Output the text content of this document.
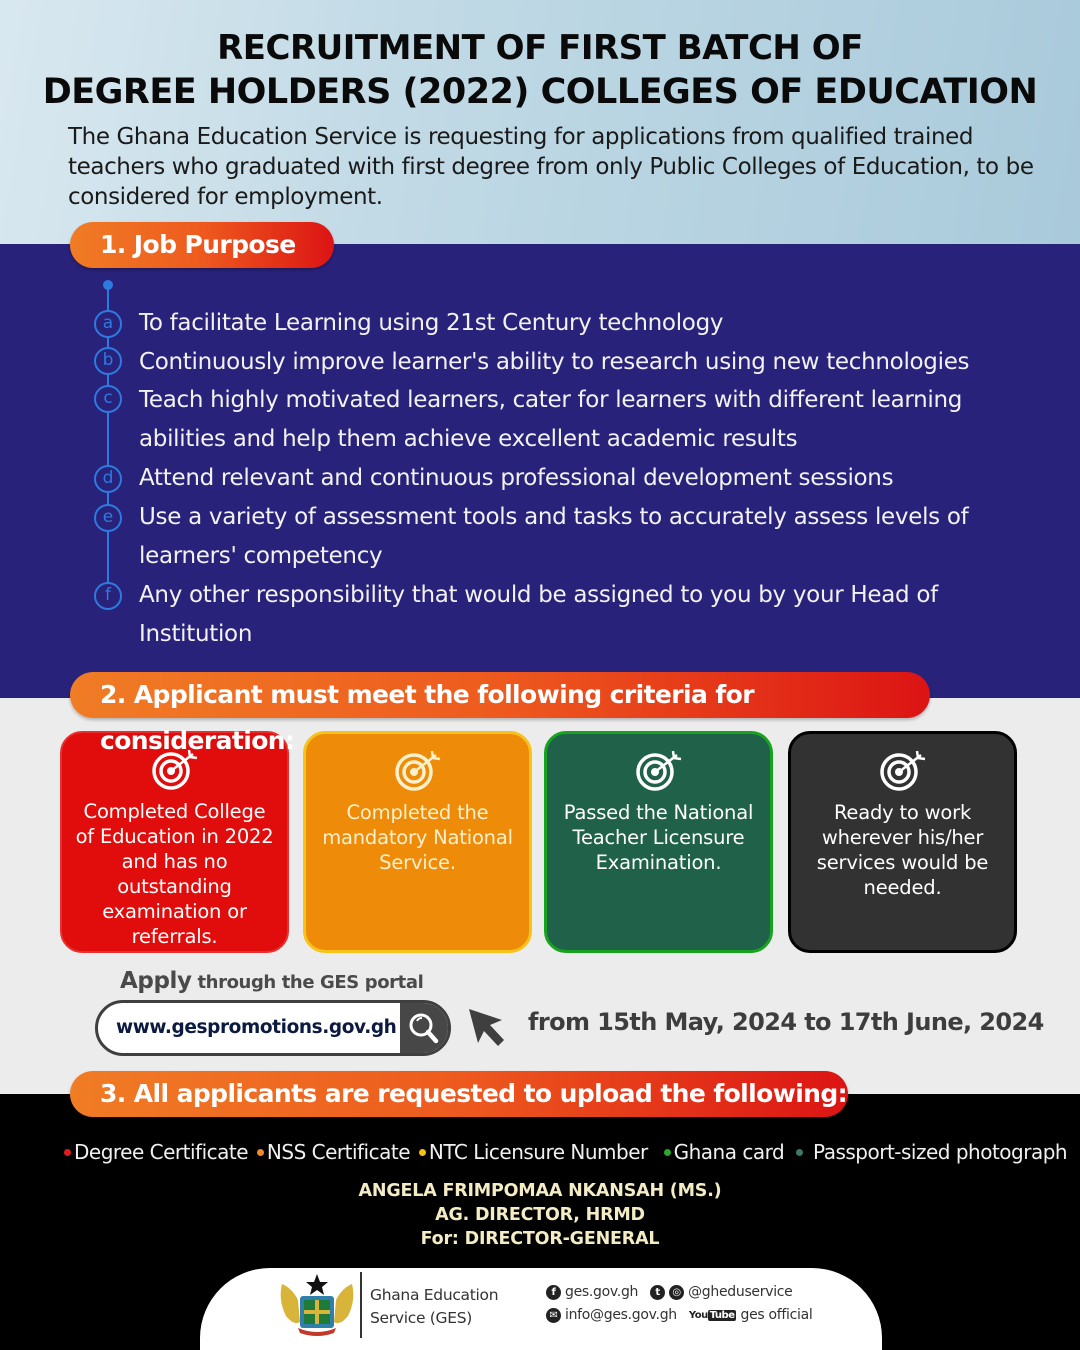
RECRUITMENT OF FIRST BATCH OF
DEGREE HOLDERS (2022) COLLEGES OF EDUCATION
The Ghana Education Service is requesting for applications from qualified trained teachers who graduated with first degree from only Public Colleges of Education, to be considered for employment.
1. Job Purpose
a	To facilitate Learning using 21st Century technology
b	Continuously improve learner's ability to research using new technologies
c	Teach highly motivated learners, cater for learners with different learning abilities and help them achieve excellent academic results
d	Attend relevant and continuous professional development sessions
e	Use a variety of assessment tools and tasks to accurately assess levels of learners' competency
f	Any other responsibility that would be assigned to you by your Head of Institution
2. Applicant must meet the following criteria for consideration:
Completed College of Education in 2022 and has no outstanding examination or referrals.
Completed the mandatory National Service.
Passed the National Teacher Licensure Examination.
Ready to work wherever his/her services would be needed.
Apply through the GES portal
www.gespromotions.gov.gh	from 15th May, 2024 to 17th June, 2024
3. All applicants are requested to upload the following:
Degree Certificate NSS Certificate NTC Licensure Number Ghana card Passport-sized photograph
ANGELA FRIMPOMAA NKANSAH (MS.)
AG. DIRECTOR, HRMD
For: DIRECTOR-GENERAL
Ghana Education
Service (GES)
f ges.gov.gh	t	◎ @gheduservice
✉ info@ges.gov.gh You Tube ges official
